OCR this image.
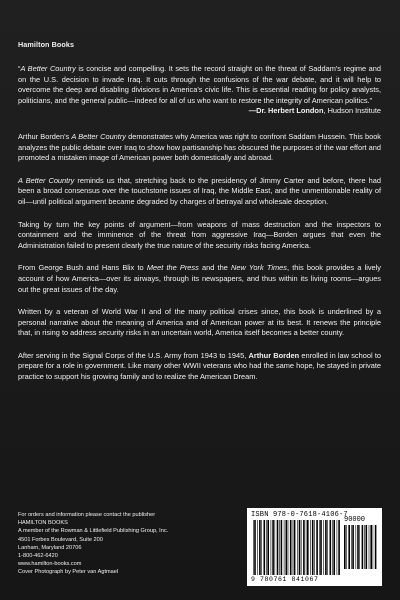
Hamilton Books

“A Better Country is concise and compelling. It sets the record straight on the threat of Saddam's regime and on the U.S. decision to invade Iraq. It cuts through the confusions of the war debate, and it will help to overcome the deep and disabling divisions in America's civic life. This is essential reading for policy analysts, politicians, and the general public—indeed for all of us who want to restore the integrity of American politics.”

—Dr. Herbert London, Hudson Institute

Arthur Borden's A Better Country demonstrates why America was right to confront Saddam Hussein. This book analyzes the public debate over Iraq to show how partisanship has obscured the purposes of the war effort and promoted a mistaken image of American power both domestically and abroad.

A Better Country reminds us that, stretching back to the presidency of Jimmy Carter and before, there had been a broad consensus over the touchstone issues of Iraq, the Middle East, and the unmentionable reality of oil—until political argument became degraded by charges of betrayal and wholesale deception.

Taking by turn the key points of argument—from weapons of mass destruction and the inspectors to containment and the imminence of the threat from aggressive Iraq—Borden argues that even the Administration failed to present clearly the true nature of the security risks facing America.

From George Bush and Hans Blix to Meet the Press and the New York Times, this book provides a lively account of how America—over its airways, through its newspapers, and thus within its living rooms—argues out the great issues of the day.

Written by a veteran of World War II and of the many political crises since, this book is underlined by a personal narrative about the meaning of America and of American power at its best. It renews the principle that, in rising to address security risks in an uncertain world, America itself becomes a better county.

After serving in the Signal Corps of the U.S. Army from 1943 to 1945, Arthur Borden enrolled in law school to prepare for a role in government. Like many other WWII veterans who had the same hope, he stayed in private practice to support his growing family and to realize the American Dream.

For orders and information please contact the publisher
HAMILTON BOOKS
A member of the Rowman & Littlefield Publishing Group, Inc.
4501 Forbes Boulevard, Suite 200
Lanham, Maryland 20706
1-800-462-6420
www.hamilton-books.com
Cover Photograph by Peter van Agtmael
ISBN 978-0-7618-4106-7
90000
9 780761 841067
